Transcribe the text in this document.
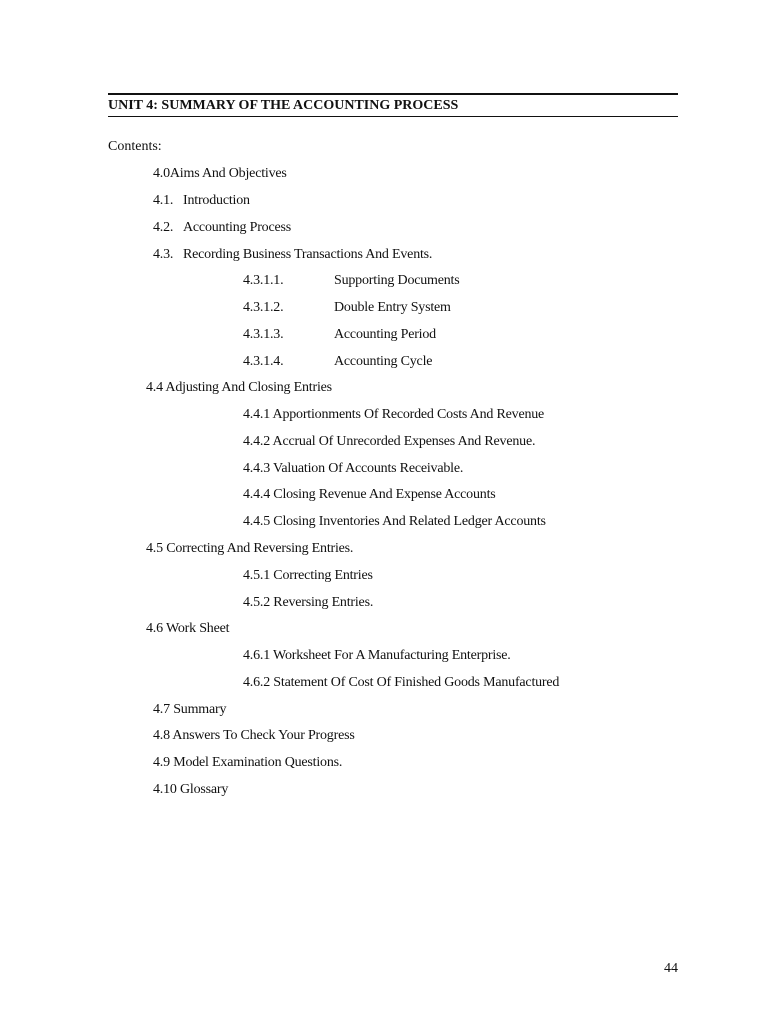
UNIT 4: SUMMARY OF THE ACCOUNTING PROCESS
Contents:
4.0Aims And Objectives
4.1. Introduction
4.2. Accounting Process
4.3. Recording Business Transactions And Events.
4.3.1.1.	Supporting Documents
4.3.1.2.	Double Entry System
4.3.1.3.	Accounting Period
4.3.1.4.	Accounting Cycle
4.4 Adjusting And Closing Entries
4.4.1 Apportionments Of Recorded Costs And Revenue
4.4.2 Accrual Of Unrecorded Expenses And Revenue.
4.4.3 Valuation Of Accounts Receivable.
4.4.4 Closing Revenue And Expense Accounts
4.4.5 Closing Inventories And Related Ledger Accounts
4.5 Correcting And Reversing Entries.
4.5.1 Correcting Entries
4.5.2 Reversing Entries.
4.6 Work Sheet
4.6.1 Worksheet For A Manufacturing Enterprise.
4.6.2 Statement Of Cost Of Finished Goods Manufactured
4.7 Summary
4.8 Answers To Check Your Progress
4.9 Model Examination Questions.
4.10 Glossary
44
